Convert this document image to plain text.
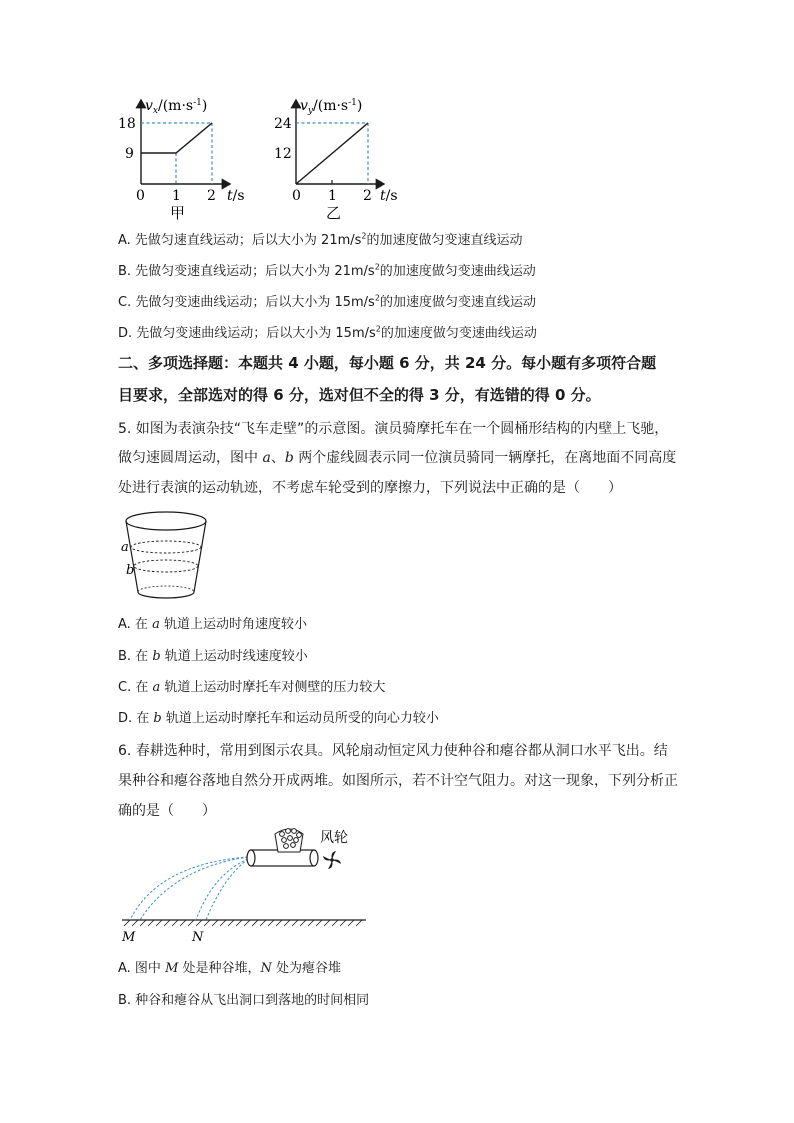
$v_x/(m\cdot s^{-1})$
18
9
0 1 2 t/s
甲
$v_y/(m\cdot s^{-1})$
24
12
0 1 2 t/s
乙
A. 先做匀速直线运动；后以大小为 $21m/s^2$的加速度做匀变速直线运动
B. 先做匀变速直线运动；后以大小为 $21m/s^2$的加速度做匀变速曲线运动
C. 先做匀变速曲线运动；后以大小为 $15m/s^2$的加速度做匀变速直线运动
D. 先做匀变速曲线运动；后以大小为 $15m/s^2$的加速度做匀变速曲线运动
二、多项选择题：本题共 4 小题，每小题 6 分，共 24 分。每小题有多项符合题
目要求，全部选对的得 6 分，选对但不全的得 3 分，有选错的得 0 分。
5. 如图为表演杂技“飞车走壁”的示意图。演员骑摩托车在一个圆桶形结构的内壁上飞驰，
做匀速圆周运动，图中 a、b 两个虚线圆表示同一位演员骑同一辆摩托，在离地面不同高度
处进行表演的运动轨迹，不考虑车轮受到的摩擦力，下列说法中正确的是（　　）
a
b
A. 在 a 轨道上运动时角速度较小
B. 在 b 轨道上运动时线速度较小
C. 在 a 轨道上运动时摩托车对侧壁的压力较大
D. 在 b 轨道上运动时摩托车和运动员所受的向心力较小
6. 春耕选种时，常用到图示农具。风轮扇动恒定风力使种谷和瘪谷都从洞口水平飞出。结
果种谷和瘪谷落地自然分开成两堆。如图所示，若不计空气阻力。对这一现象，下列分析正
确的是（　　）
风轮
M	N
A. 图中 M 处是种谷堆，N 处为瘪谷堆
B. 种谷和瘪谷从飞出洞口到落地的时间相同
